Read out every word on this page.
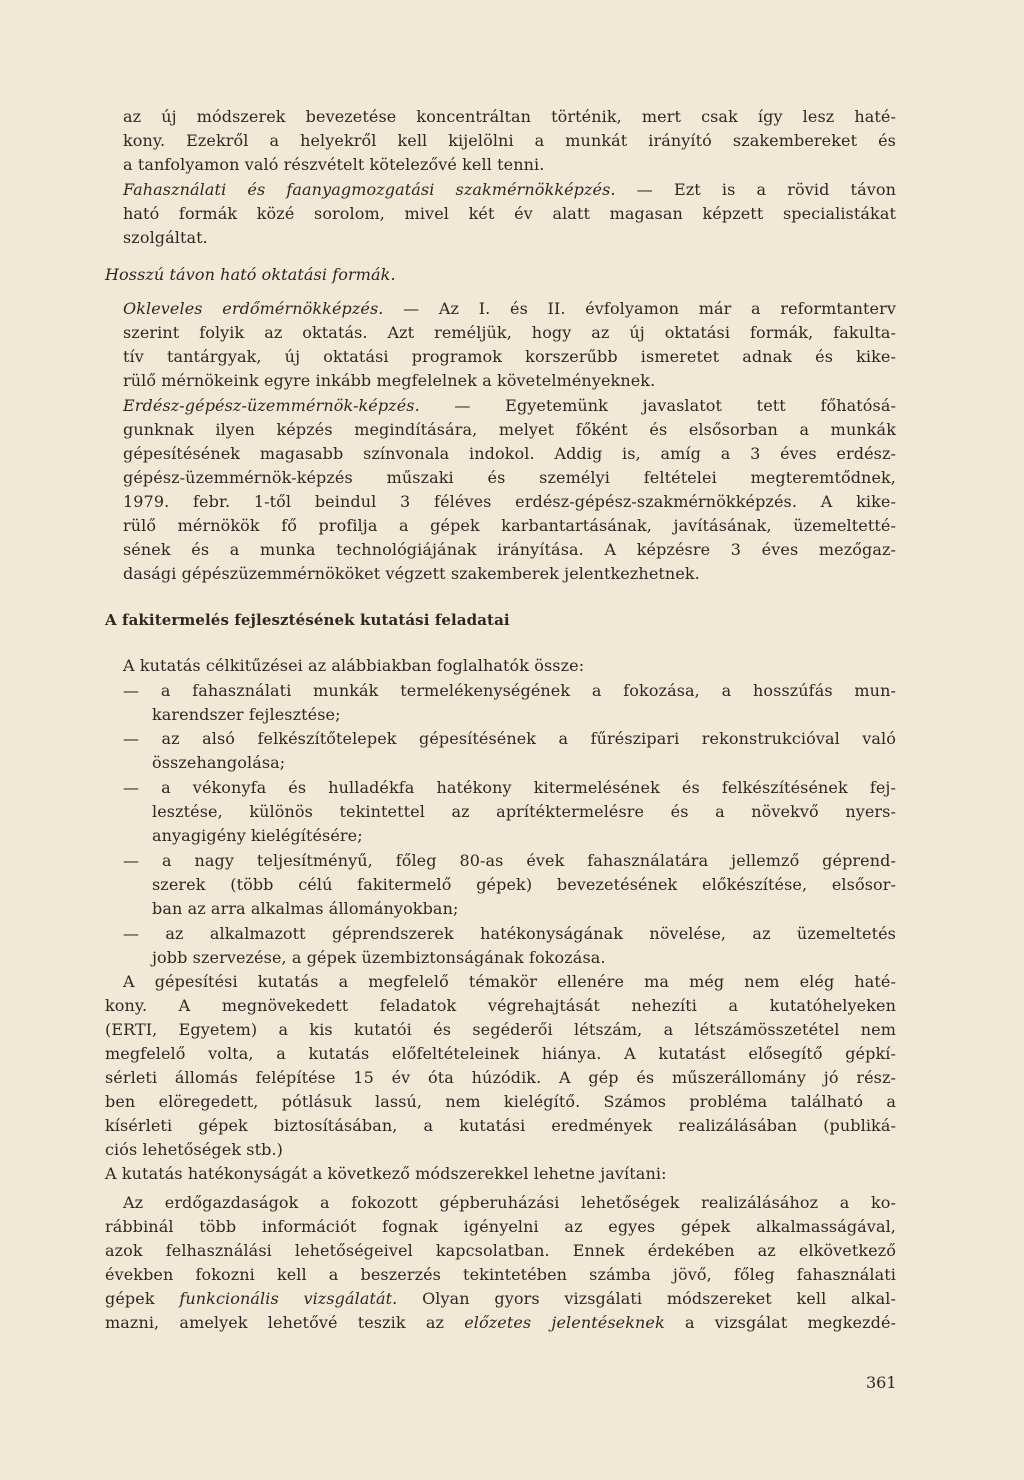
az új módszerek bevezetése koncentráltan történik, mert csak így lesz haté-
kony. Ezekről a helyekről kell kijelölni a munkát irányító szakembereket és
a tanfolyamon való részvételt kötelezővé kell tenni.
Fahasználati és faanyagmozgatási szakmérnökképzés. — Ezt is a rövid távon
ható formák közé sorolom, mivel két év alatt magasan képzett specialistákat
szolgáltat.
Hosszú távon ható oktatási formák.
Okleveles erdőmérnökképzés. — Az I. és II. évfolyamon már a reformtanterv
szerint folyik az oktatás. Azt reméljük, hogy az új oktatási formák, fakulta-
tív tantárgyak, új oktatási programok korszerűbb ismeretet adnak és kike-
rülő mérnökeink egyre inkább megfelelnek a követelményeknek.
Erdész-gépész-üzemmérnök-képzés. — Egyetemünk javaslatot tett főhatósá-
gunknak ilyen képzés megindítására, melyet főként és elsősorban a munkák
gépesítésének magasabb színvonala indokol. Addig is, amíg a 3 éves erdész-
gépész-üzemmérnök-képzés műszaki és személyi feltételei megteremtődnek,
1979. febr. 1-től beindul 3 féléves erdész-gépész-szakmérnökképzés. A kike-
rülő mérnökök fő profilja a gépek karbantartásának, javításának, üzemeltetté-
sének és a munka technológiájának irányítása. A képzésre 3 éves mezőgaz-
dasági gépészüzemmérnököket végzett szakemberek jelentkezhetnek.
A fakitermelés fejlesztésének kutatási feladatai
A kutatás célkitűzései az alábbiakban foglalhatók össze:
— a fahasználati munkák termelékenységének a fokozása, a hosszúfás mun-
karendszer fejlesztése;
— az alsó felkészítőtelepek gépesítésének a fűrészipari rekonstrukcióval való
összehangolása;
— a vékonyfa és hulladékfa hatékony kitermelésének és felkészítésének fej-
lesztése, különös tekintettel az aprítéktermelésre és a növekvő nyers-
anyagigény kielégítésére;
— a nagy teljesítményű, főleg 80-as évek fahasználatára jellemző géprend-
szerek (több célú fakitermelő gépek) bevezetésének előkészítése, elsősor-
ban az arra alkalmas állományokban;
— az alkalmazott géprendszerek hatékonyságának növelése, az üzemeltetés
jobb szervezése, a gépek üzembiztonságának fokozása.
A gépesítési kutatás a megfelelő témakör ellenére ma még nem elég haté-
kony. A megnövekedett feladatok végrehajtását nehezíti a kutatóhelyeken
(ERTI, Egyetem) a kis kutatói és segéderői létszám, a létszámösszetétel nem
megfelelő volta, a kutatás előfeltételeinek hiánya. A kutatást elősegítő gépkí-
sérleti állomás felépítése 15 év óta húzódik. A gép és műszerállomány jó rész-
ben elöregedett, pótlásuk lassú, nem kielégítő. Számos probléma található a
kísérleti gépek biztosításában, a kutatási eredmények realizálásában (publiká-
ciós lehetőségek stb.)
A kutatás hatékonyságát a következő módszerekkel lehetne javítani:
Az erdőgazdaságok a fokozott gépberuházási lehetőségek realizálásához a ko-
rábbinál több információt fognak igényelni az egyes gépek alkalmasságával,
azok felhasználási lehetőségeivel kapcsolatban. Ennek érdekében az elkövetkező
években fokozni kell a beszerzés tekintetében számba jövő, főleg fahasználati
gépek funkcionális vizsgálatát. Olyan gyors vizsgálati módszereket kell alkal-
mazni, amelyek lehetővé teszik az előzetes jelentéseknek a vizsgálat megkezdé-
361
